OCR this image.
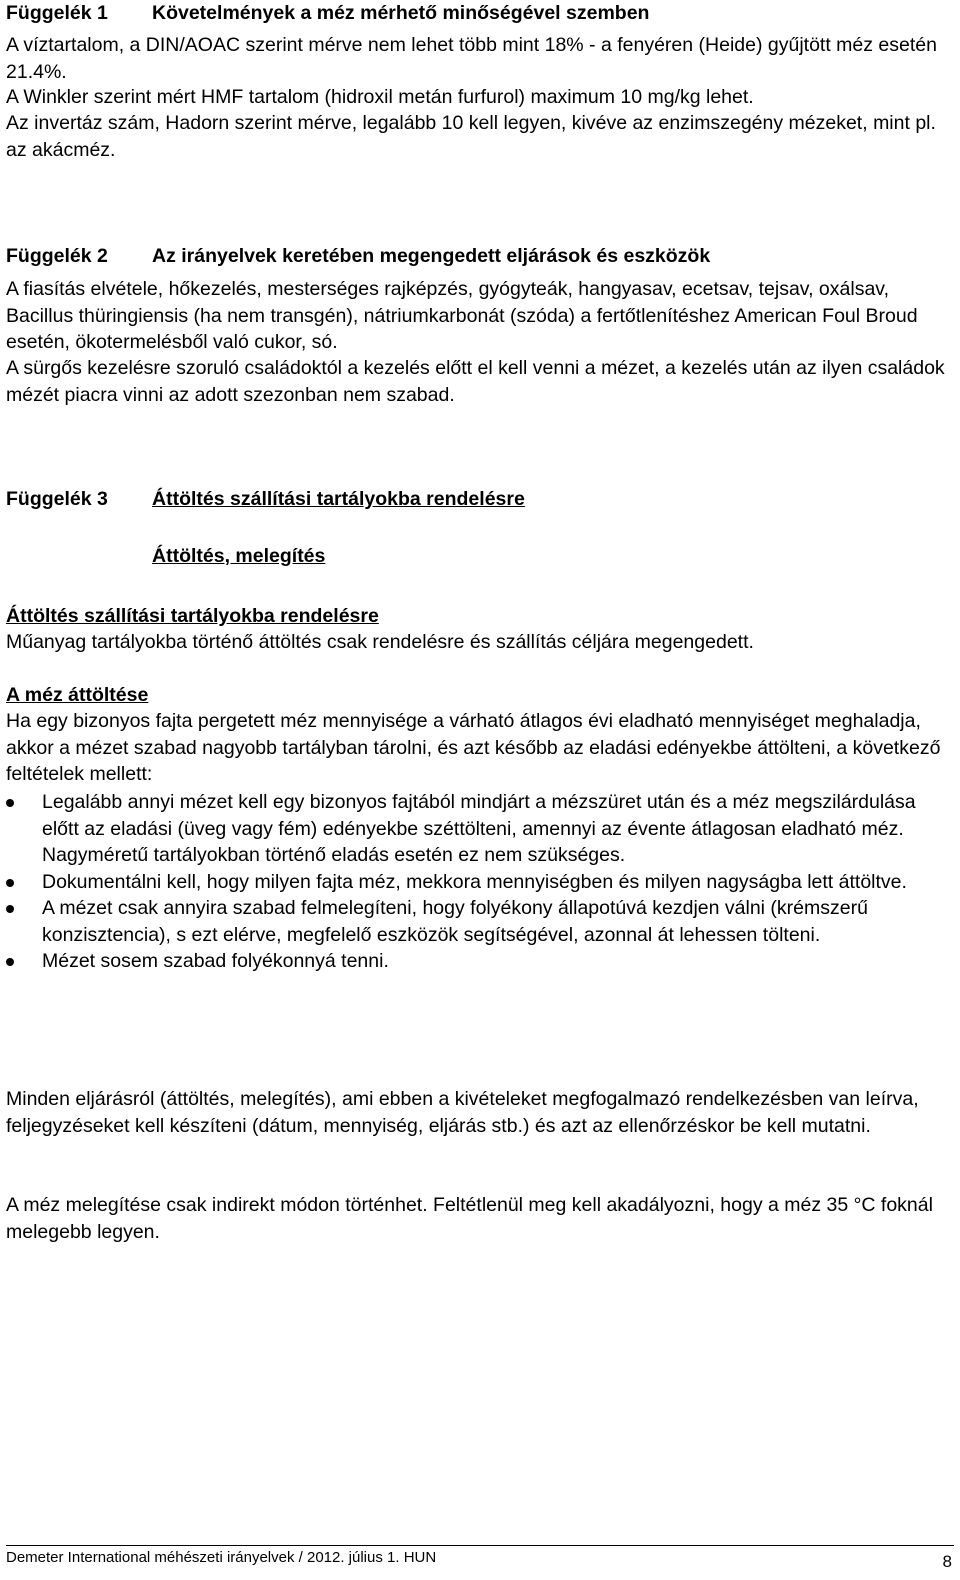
Függelék 1 Követelmények a méz mérhető minőségével szemben
A víztartalom, a DIN/AOAC szerint mérve nem lehet több mint 18% - a fenyéren (Heide) gyűjtött méz esetén 21.4%.
A Winkler szerint mért HMF tartalom (hidroxil metán furfurol) maximum 10 mg/kg lehet.
Az invertáz szám, Hadorn szerint mérve, legalább 10 kell legyen, kivéve az enzimszegény mézeket, mint pl. az akácméz.
Függelék 2 Az irányelvek keretében megengedett eljárások és eszközök
A fiasítás elvétele, hőkezelés, mesterséges rajképzés, gyógyteák, hangyasav, ecetsav, tejsav, oxálsav, Bacillus thüringiensis (ha nem transgén), nátriumkarbonát (szóda) a fertőtlenítéshez American Foul Broud esetén, ökotermelésből való cukor, só.
A sürgős kezelésre szoruló családoktól a kezelés előtt el kell venni a mézet, a kezelés után az ilyen családok mézét piacra vinni az adott szezonban nem szabad.
Függelék 3 Áttöltés szállítási tartályokba rendelésre
Áttöltés, melegítés
Áttöltés szállítási tartályokba rendelésre
Műanyag tartályokba történő áttöltés csak rendelésre és szállítás céljára megengedett.
A méz áttöltése
Ha egy bizonyos fajta pergetett méz mennyisége a várható átlagos évi eladható mennyiséget meghaladja, akkor a mézet szabad nagyobb tartályban tárolni, és azt később az eladási edényekbe áttölteni, a következő feltételek mellett:
Legalább annyi mézet kell egy bizonyos fajtából mindjárt a mézszüret után és a méz megszilárdulása előtt az eladási (üveg vagy fém) edényekbe széttölteni, amennyi az évente átlagosan eladható méz. Nagyméretű tartályokban történő eladás esetén ez nem szükséges.
Dokumentálni kell, hogy milyen fajta méz, mekkora mennyiségben és milyen nagyságba lett áttöltve.
A mézet csak annyira szabad felmelegíteni, hogy folyékony állapotúvá kezdjen válni (krémszerű konzisztencia), s ezt elérve, megfelelő eszközök segítségével, azonnal át lehessen tölteni.
Mézet sosem szabad folyékonnyá tenni.
Minden eljárásról (áttöltés, melegítés), ami ebben a kivételeket megfogalmazó rendelkezésben van leírva, feljegyzéseket kell készíteni (dátum, mennyiség, eljárás stb.) és azt az ellenőrzéskor be kell mutatni.
A méz melegítése csak indirekt módon történhet. Feltétlenül meg kell akadályozni, hogy a méz 35 °C foknál melegebb legyen.
Demeter International méhészeti irányelvek / 2012. július 1. HUN	8
